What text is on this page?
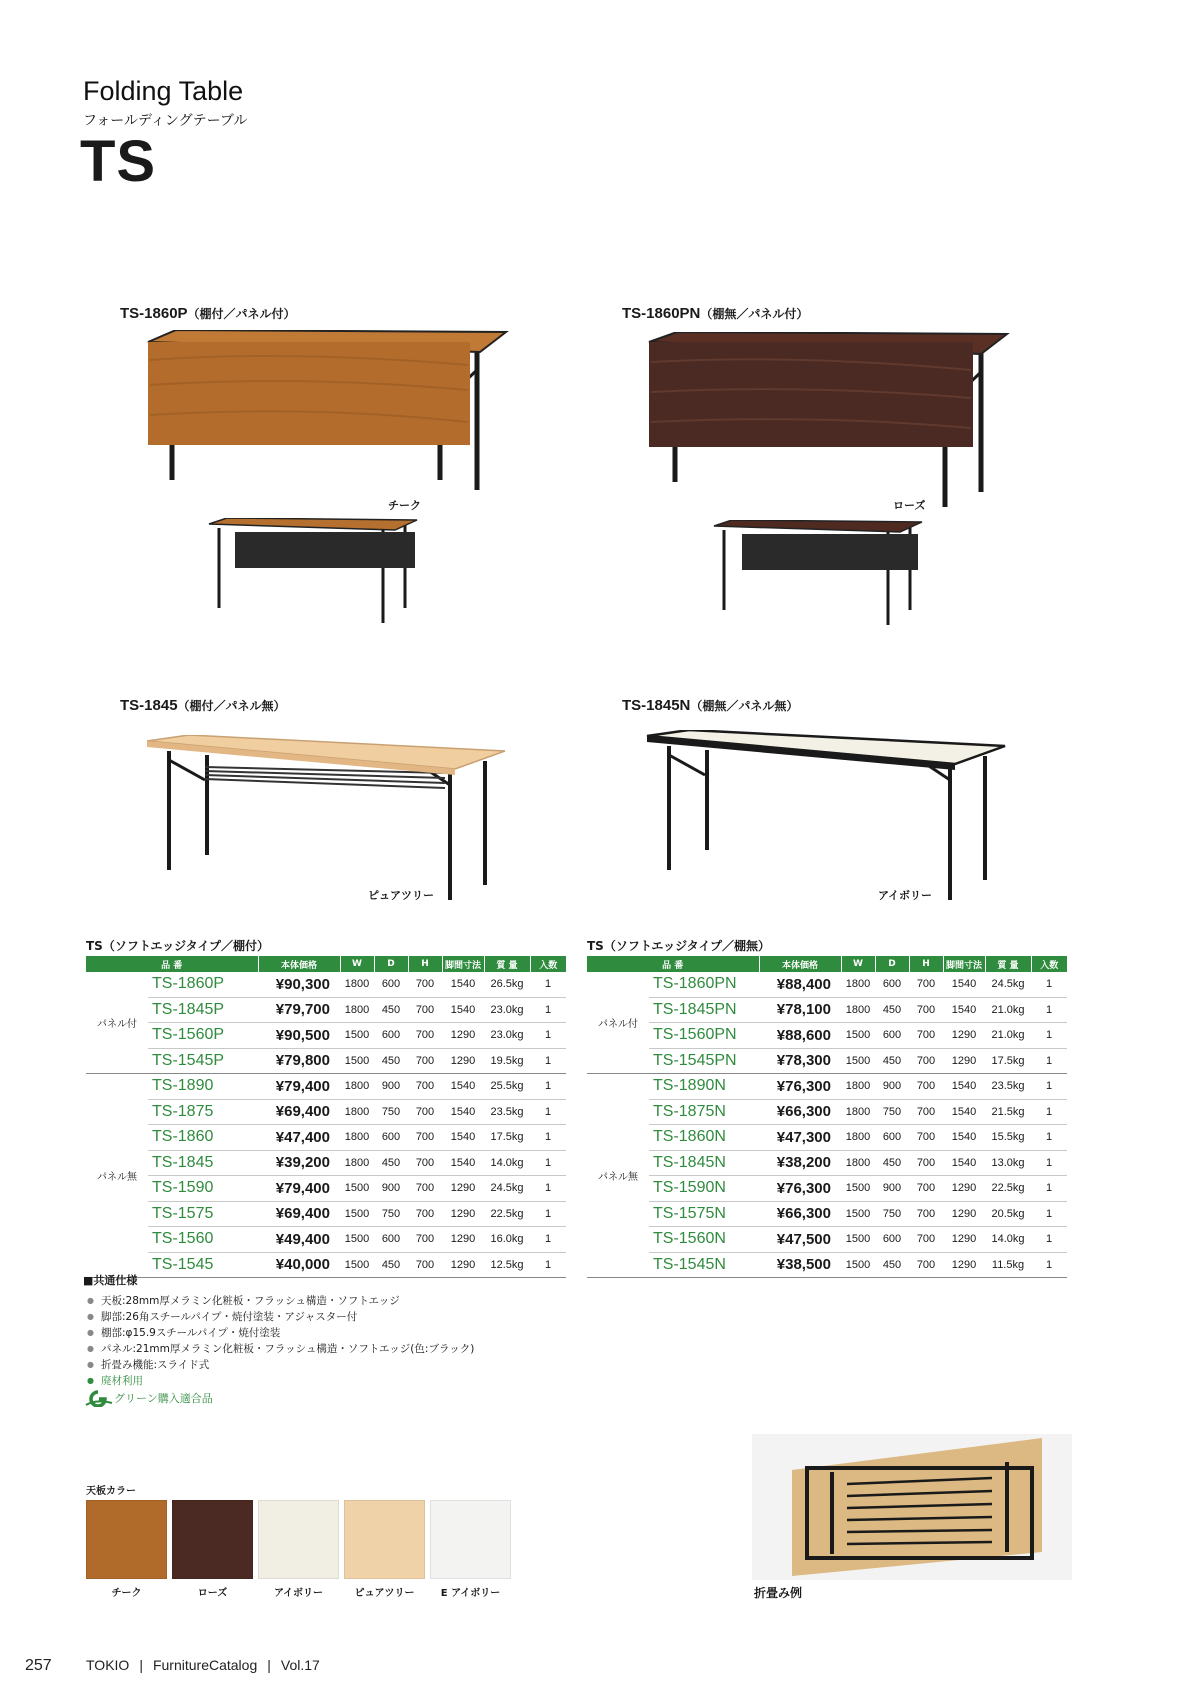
Folding Table
フォールディングテーブル
TS
TS-1860P（棚付／パネル付）
チーク
TS-1860PN（棚無／パネル付）
ローズ
TS-1845（棚付／パネル無）
ピュアツリー
TS-1845N（棚無／パネル無）
アイボリー
TS（ソフトエッジタイプ／棚付）
品 番		本体価格	W	D	H	脚間寸法	質 量	入数
パネル付	TS-1860P	¥90,300	1800	600	700	1540	26.5kg	1
	TS-1845P	¥79,700	1800	450	700	1540	23.0kg	1
	TS-1560P	¥90,500	1500	600	700	1290	23.0kg	1
	TS-1545P	¥79,800	1500	450	700	1290	19.5kg	1
パネル無	TS-1890	¥79,400	1800	900	700	1540	25.5kg	1
	TS-1875	¥69,400	1800	750	700	1540	23.5kg	1
	TS-1860	¥47,400	1800	600	700	1540	17.5kg	1
	TS-1845	¥39,200	1800	450	700	1540	14.0kg	1
	TS-1590	¥79,400	1500	900	700	1290	24.5kg	1
	TS-1575	¥69,400	1500	750	700	1290	22.5kg	1
	TS-1560	¥49,400	1500	600	700	1290	16.0kg	1
	TS-1545	¥40,000	1500	450	700	1290	12.5kg	1
TS（ソフトエッジタイプ／棚無）
品 番		本体価格	W	D	H	脚間寸法	質 量	入数
パネル付	TS-1860PN	¥88,400	1800	600	700	1540	24.5kg	1
	TS-1845PN	¥78,100	1800	450	700	1540	21.0kg	1
	TS-1560PN	¥88,600	1500	600	700	1290	21.0kg	1
	TS-1545PN	¥78,300	1500	450	700	1290	17.5kg	1
パネル無	TS-1890N	¥76,300	1800	900	700	1540	23.5kg	1
	TS-1875N	¥66,300	1800	750	700	1540	21.5kg	1
	TS-1860N	¥47,300	1800	600	700	1540	15.5kg	1
	TS-1845N	¥38,200	1800	450	700	1540	13.0kg	1
	TS-1590N	¥76,300	1500	900	700	1290	22.5kg	1
	TS-1575N	¥66,300	1500	750	700	1290	20.5kg	1
	TS-1560N	¥47,500	1500	600	700	1290	14.0kg	1
	TS-1545N	¥38,500	1500	450	700	1290	11.5kg	1
■共通仕様
● 天板:28mm厚メラミン化粧板・フラッシュ構造・ソフトエッジ
● 脚部:26角スチールパイプ・焼付塗装・アジャスター付
● 棚部:φ15.9スチールパイプ・焼付塗装
● パネル:21mm厚メラミン化粧板・フラッシュ構造・ソフトエッジ(色:ブラック)
● 折畳み機能:スライド式
● 廃材利用
グリーン購入適合品
天板カラー
チーク	ローズ	アイボリー	ピュアツリー	E アイボリー	折畳み例
257 TOKIO | FurnitureCatalog | Vol.17
